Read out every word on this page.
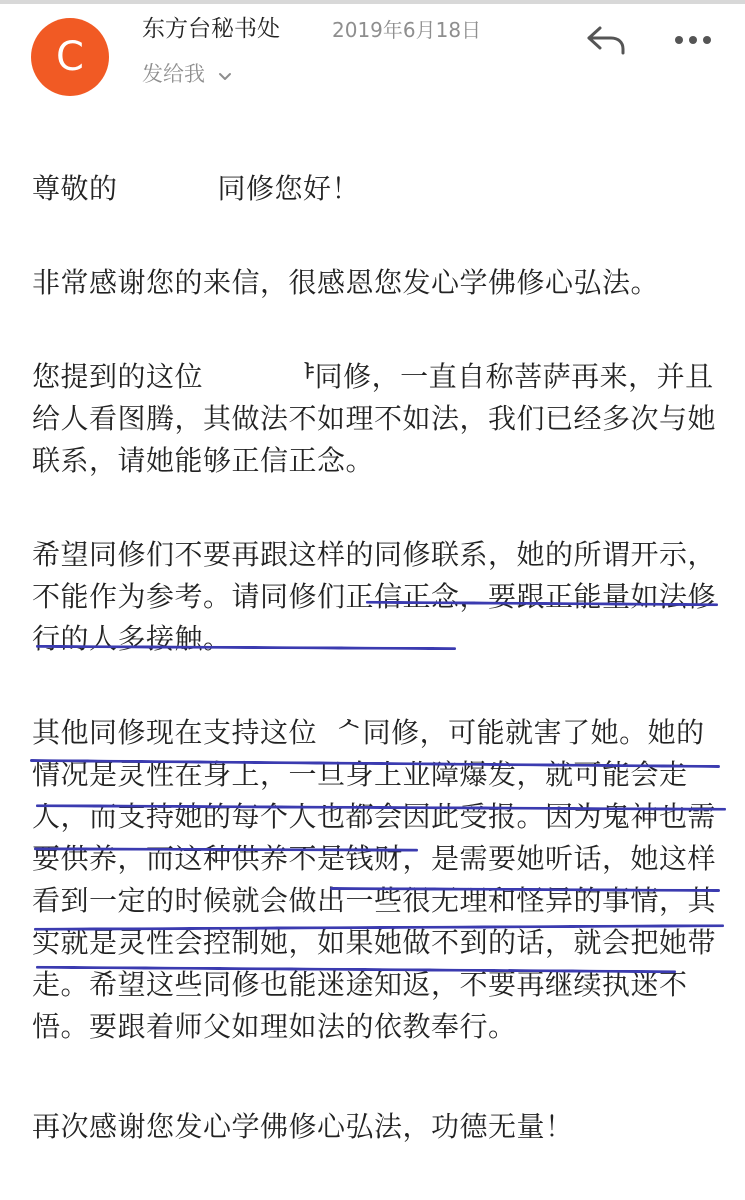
C
东方台秘书处	2019年6月18日
发给我

尊敬的	同修您好！

非常感谢您的来信，很感恩您发心学佛修心弘法。

您提到的这位	ᅣ同修，一直自称菩萨再来，并且给人看图腾，其做法不如理不如法，我们已经多次与她联系，请她能够正信正念。

希望同修们不要再跟这样的同修联系，她的所谓开示，不能作为参考。请同修们正信正念，要跟正能量如法修行的人多接触。

其他同修现在支持这位 ᄉ同修，可能就害了她。她的情况是灵性在身上，一旦身上业障爆发，就可能会走人，而支持她的每个人也都会因此受报。因为鬼神也需要供养，而这种供养不是钱财，是需要她听话，她这样看到一定的时候就会做出一些很无理和怪异的事情，其实就是灵性会控制她，如果她做不到的话，就会把她带走。希望这些同修也能迷途知返，不要再继续执迷不悟。要跟着师父如理如法的依教奉行。

再次感谢您发心学佛修心弘法，功德无量！
